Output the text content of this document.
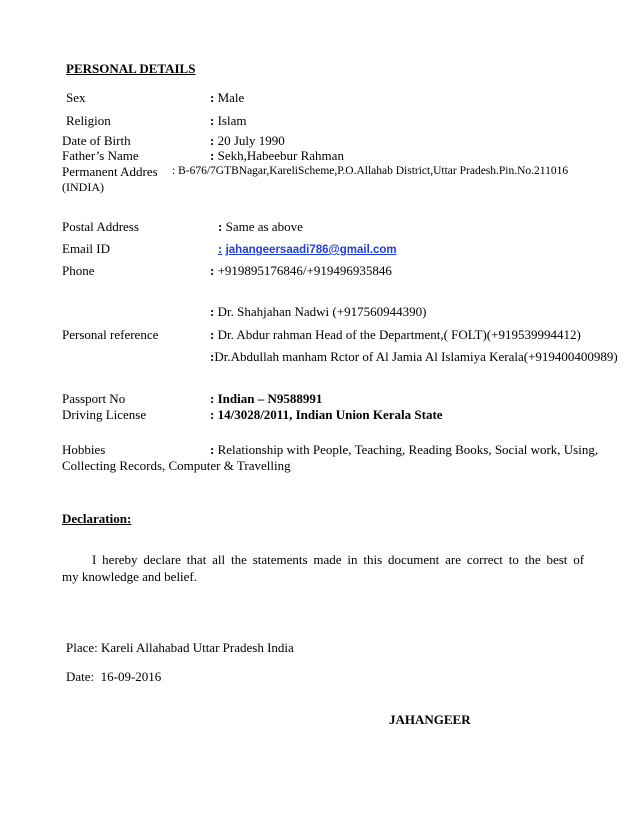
PERSONAL DETAILS
Sex	: Male
Religion	: Islam
Date of Birth	: 20 July 1990
Father’s Name	: Sekh,Habeebur Rahman
Permanent Addres : B-676/7GTBNagar,KareliScheme,P.O.Allahab District,Uttar Pradesh.Pin.No.211016
(INDIA)
Postal Address	: Same as above
Email ID	: jahangeersaadi786@gmail.com
Phone	: +919895176846/+919496935846
: Dr. Shahjahan Nadwi (+917560944390)
Personal reference	: Dr. Abdur rahman Head of the Department,( FOLT)(+919539994412)
:Dr.Abdullah manham Rctor of Al Jamia Al Islamiya Kerala(+919400400989)
Passport No	: Indian – N9588991
Driving License	: 14/3028/2011, Indian Union Kerala State
Hobbies	: Relationship with People, Teaching, Reading Books, Social work, Using,
Collecting Records, Computer & Travelling
Declaration:
I hereby declare that all the statements made in this document are correct to the best of
my knowledge and belief.
Place: Kareli Allahabad Uttar Pradesh India
Date:  16-09-2016
JAHANGEER
